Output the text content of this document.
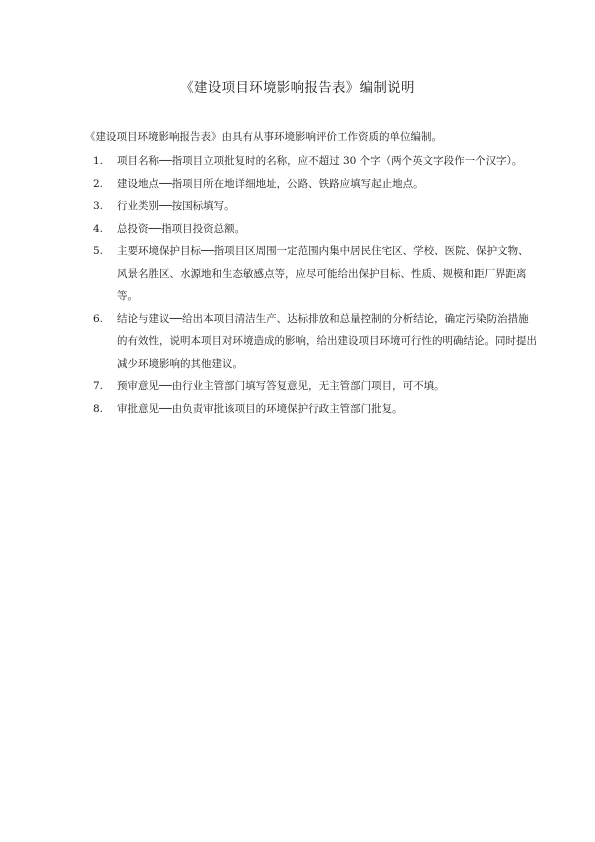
《建设项目环境影响报告表》编制说明
《建设项目环境影响报告表》由具有从事环境影响评价工作资质的单位编制。
1.	项目名称──指项目立项批复时的名称，应不超过 30 个字（两个英文字段作一个汉字）。
2.	建设地点──指项目所在地详细地址，公路、铁路应填写起止地点。
3.	行业类别──按国标填写。
4.	总投资──指项目投资总额。
5.	主要环境保护目标──指项目区周围一定范围内集中居民住宅区、学校、医院、保护文物、风景名胜区、水源地和生态敏感点等，应尽可能给出保护目标、性质、规模和距厂界距离等。
6.	结论与建议──给出本项目清洁生产、达标排放和总量控制的分析结论，确定污染防治措施的有效性，说明本项目对环境造成的影响，给出建设项目环境可行性的明确结论。同时提出减少环境影响的其他建议。
7.	预审意见──由行业主管部门填写答复意见，无主管部门项目，可不填。
8.	审批意见──由负责审批该项目的环境保护行政主管部门批复。
